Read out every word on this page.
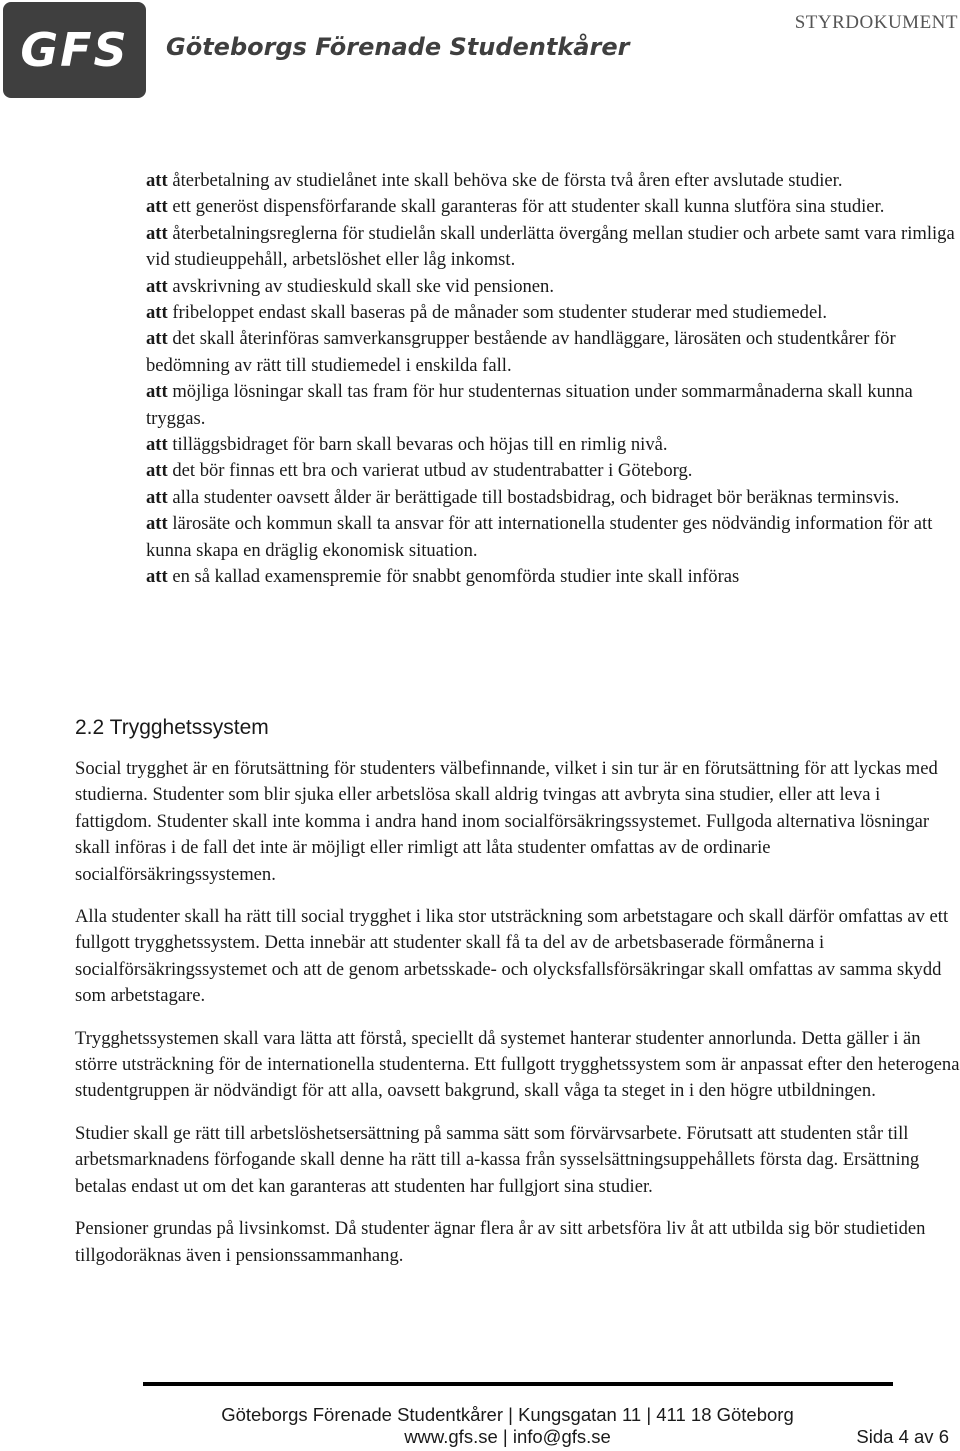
GFS Göteborgs Förenade Studentkårer
STYRDOKUMENT
att återbetalning av studielånet inte skall behöva ske de första två åren efter avslutade studier.
att ett generöst dispensförfarande skall garanteras för att studenter skall kunna slutföra sina studier.
att återbetalningsreglerna för studielån skall underlätta övergång mellan studier och arbete samt vara rimliga vid studieuppehåll, arbetslöshet eller låg inkomst.
att avskrivning av studieskuld skall ske vid pensionen.
att fribeloppet endast skall baseras på de månader som studenter studerar med studiemedel.
att det skall återinföras samverkansgrupper bestående av handläggare, lärosäten och studentkårer för bedömning av rätt till studiemedel i enskilda fall.
att möjliga lösningar skall tas fram för hur studenternas situation under sommarmånaderna skall kunna tryggas.
att tilläggsbidraget för barn skall bevaras och höjas till en rimlig nivå.
att det bör finnas ett bra och varierat utbud av studentrabatter i Göteborg.
att alla studenter oavsett ålder är berättigade till bostadsbidrag, och bidraget bör beräknas terminsvis.
att lärosäte och kommun skall ta ansvar för att internationella studenter ges nödvändig information för att kunna skapa en dräglig ekonomisk situation.
att en så kallad examenspremie för snabbt genomförda studier inte skall införas
2.2 Trygghetssystem

Social trygghet är en förutsättning för studenters välbefinnande, vilket i sin tur är en förutsättning för att lyckas med studierna. Studenter som blir sjuka eller arbetslösa skall aldrig tvingas att avbryta sina studier, eller att leva i fattigdom. Studenter skall inte komma i andra hand inom socialförsäkringssystemet. Fullgoda alternativa lösningar skall införas i de fall det inte är möjligt eller rimligt att låta studenter omfattas av de ordinarie socialförsäkringssystemen.

Alla studenter skall ha rätt till social trygghet i lika stor utsträckning som arbetstagare och skall därför omfattas av ett fullgott trygghetssystem. Detta innebär att studenter skall få ta del av de arbetsbaserade förmånerna i socialförsäkringssystemet och att de genom arbetsskade- och olycksfallsförsäkringar skall omfattas av samma skydd som arbetstagare.

Trygghetssystemen skall vara lätta att förstå, speciellt då systemet hanterar studenter annorlunda. Detta gäller i än större utsträckning för de internationella studenterna. Ett fullgott trygghetssystem som är anpassat efter den heterogena studentgruppen är nödvändigt för att alla, oavsett bakgrund, skall våga ta steget in i den högre utbildningen.

Studier skall ge rätt till arbetslöshetsersättning på samma sätt som förvärvsarbete. Förutsatt att studenten står till arbetsmarknadens förfogande skall denne ha rätt till a-kassa från sysselsättningsuppehållets första dag. Ersättning betalas endast ut om det kan garanteras att studenten har fullgjort sina studier.

Pensioner grundas på livsinkomst. Då studenter ägnar flera år av sitt arbetsföra liv åt att utbilda sig bör studietiden tillgodoräknas även i pensionssammanhang.

Göteborgs Förenade Studentkårer | Kungsgatan 11 | 411 18 Göteborg
www.gfs.se | info@gfs.se	Sida 4 av 6
